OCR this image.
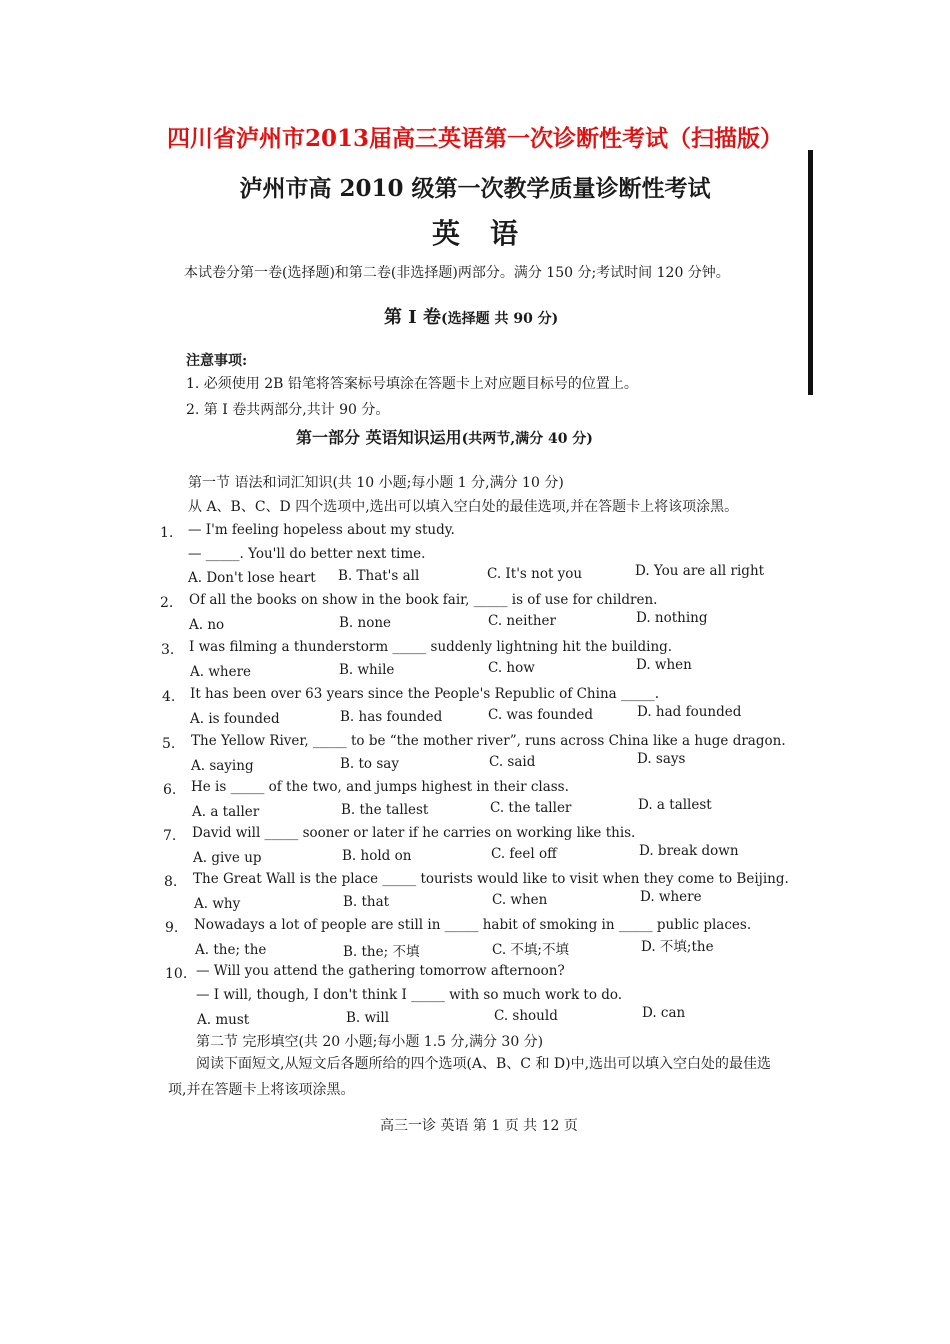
四川省泸州市2013届高三英语第一次诊断性考试（扫描版）
泸州市高 2010 级第一次教学质量诊断性考试
英语
本试卷分第一卷(选择题)和第二卷(非选择题)两部分。满分 150 分;考试时间 120 分钟。
第 I 卷(选择题 共 90 分)
注意事项:
1. 必须使用 2B 铅笔将答案标号填涂在答题卡上对应题目标号的位置上。
2. 第 I 卷共两部分,共计 90 分。
第一部分 英语知识运用(共两节,满分 40 分)
第一节 语法和词汇知识(共 10 小题;每小题 1 分,满分 10 分)
从 A、B、C、D 四个选项中,选出可以填入空白处的最佳选项,并在答题卡上将该项涂黑。
1. — I'm feeling hopeless about my study.
— _____. You'll do better next time.
A. Don't lose heart B. That's all	C. It's not you	D. You are all right
2. Of all the books on show in the book fair, _____ is of use for children.
A. no	B. none	C. neither	D. nothing
3. I was filming a thunderstorm _____ suddenly lightning hit the building.
A. where	B. while	C. how	D. when
4. It has been over 63 years since the People's Republic of China _____.
A. is founded	B. has founded	C. was founded	D. had founded
5. The Yellow River, _____ to be “the mother river”, runs across China like a huge dragon.
A. saying	B. to say	C. said	D. says
6. He is _____ of the two, and jumps highest in their class.
A. a taller	B. the tallest	C. the taller	D. a tallest
7. David will _____ sooner or later if he carries on working like this.
A. give up	B. hold on	C. feel off	D. break down
8. The Great Wall is the place _____ tourists would like to visit when they come to Beijing.
A. why	B. that	C. when	D. where
9. Nowadays a lot of people are still in _____ habit of smoking in _____ public places.
A. the; the	B. the; 不填	C. 不填;不填	D. 不填;the
10. — Will you attend the gathering tomorrow afternoon?
— I will, though, I don't think I _____ with so much work to do.
A. must	B. will	C. should	D. can
第二节 完形填空(共 20 小题;每小题 1.5 分,满分 30 分)
阅读下面短文,从短文后各题所给的四个选项(A、B、C 和 D)中,选出可以填入空白处的最佳选
项,并在答题卡上将该项涂黑。
高三一诊 英语 第 1 页 共 12 页
